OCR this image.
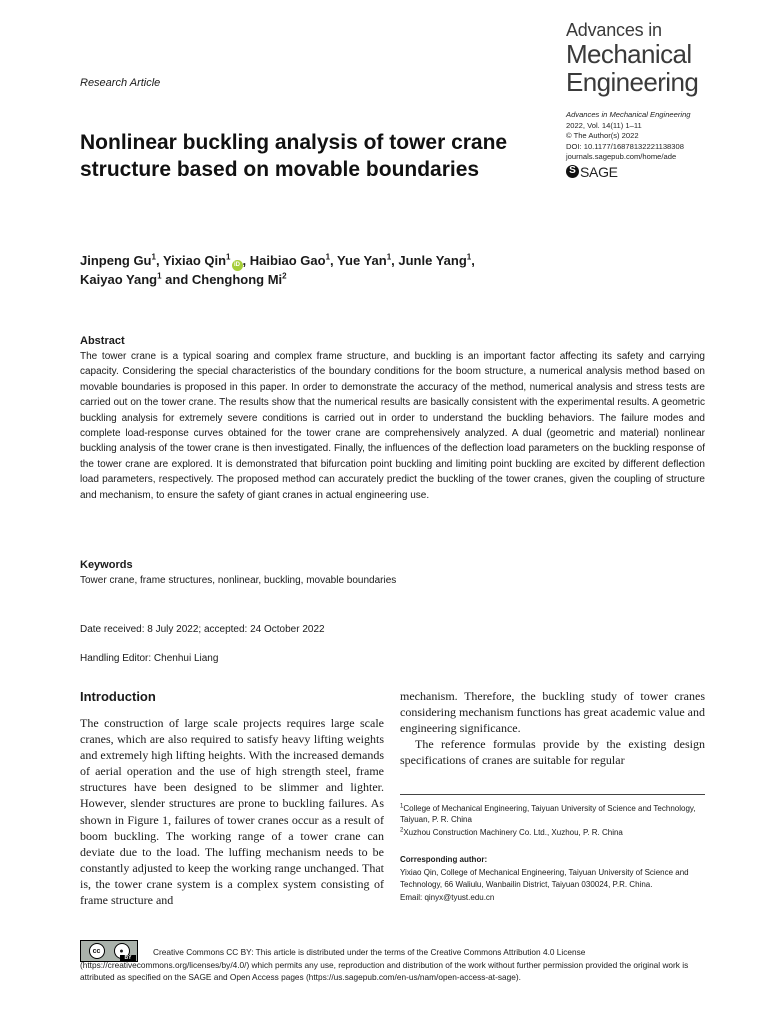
Advances in
Mechanical
Engineering
Research Article
Advances in Mechanical Engineering
2022, Vol. 14(11) 1–11
© The Author(s) 2022
DOI: 10.1177/16878132221138308
journals.sagepub.com/home/ade
S SAGE
Nonlinear buckling analysis of tower crane structure based on movable boundaries
Jinpeng Gu$^1$, Yixiao Qin$^1$iD , Haibiao Gao$^1$, Yue Yan$^1$, Junle Yang$^1$,
Kaiyao Yang$^1$ and Chenghong Mi$^2$
Abstract

The tower crane is a typical soaring and complex frame structure, and buckling is an important factor affecting its safety and carrying capacity. Considering the special characteristics of the boundary conditions for the boom structure, a numerical analysis method based on movable boundaries is proposed in this paper. In order to demonstrate the accuracy of the method, numerical analysis and stress tests are carried out on the tower crane. The results show that the numerical results are basically consistent with the experimental results. A geometric buckling analysis for extremely severe conditions is carried out in order to understand the buckling behaviors. The failure modes and complete load-response curves obtained for the tower crane are comprehensively analyzed. A dual (geometric and material) nonlinear buckling analysis of the tower crane is then investigated. Finally, the influences of the deflection load parameters on the buckling response of the tower crane are explored. It is demonstrated that bifurcation point buckling and limiting point buckling are excited by different deflection load parameters, respectively. The proposed method can accurately predict the buckling of the tower cranes, given the coupling of structure and mechanism, to ensure the safety of giant cranes in actual engineering use.

Keywords
Tower crane, frame structures, nonlinear, buckling, movable boundaries
Date received: 8 July 2022; accepted: 24 October 2022
Handling Editor: Chenhui Liang
Introduction

The construction of large scale projects requires large scale cranes, which are also required to satisfy heavy lifting weights and extremely high lifting heights. With the increased demands of aerial operation and the use of high strength steel, frame structures have been designed to be slimmer and lighter. However, slender structures are prone to buckling failures. As shown in Figure 1, failures of tower cranes occur as a result of boom buckling. The working range of a tower crane can deviate due to the load. The luffing mechanism needs to be constantly adjusted to keep the working range unchanged. That is, the tower crane system is a complex system consisting of frame structure and

mechanism. Therefore, the buckling study of tower cranes considering mechanism functions has great academic value and engineering significance.

The reference formulas provide by the existing design specifications of cranes are suitable for regular

$^1$College of Mechanical Engineering, Taiyuan University of Science and Technology, Taiyuan, P. R. China
$^2$Xuzhou Construction Machinery Co. Ltd., Xuzhou, P. R. China
Corresponding author:
Yixiao Qin, College of Mechanical Engineering, Taiyuan University of Science and Technology, 66 Waliulu, Wanbailin District, Taiyuan 030024, P.R. China.
Email: qinyx@tyust.edu.cn
cc	●
BY

Creative Commons CC BY: This article is distributed under the terms of the Creative Commons Attribution 4.0 License (https://creativecommons.org/licenses/by/4.0/) which permits any use, reproduction and distribution of the work without further permission provided the original work is attributed as specified on the SAGE and Open Access pages (https://us.sagepub.com/en-us/nam/open-access-at-sage).
